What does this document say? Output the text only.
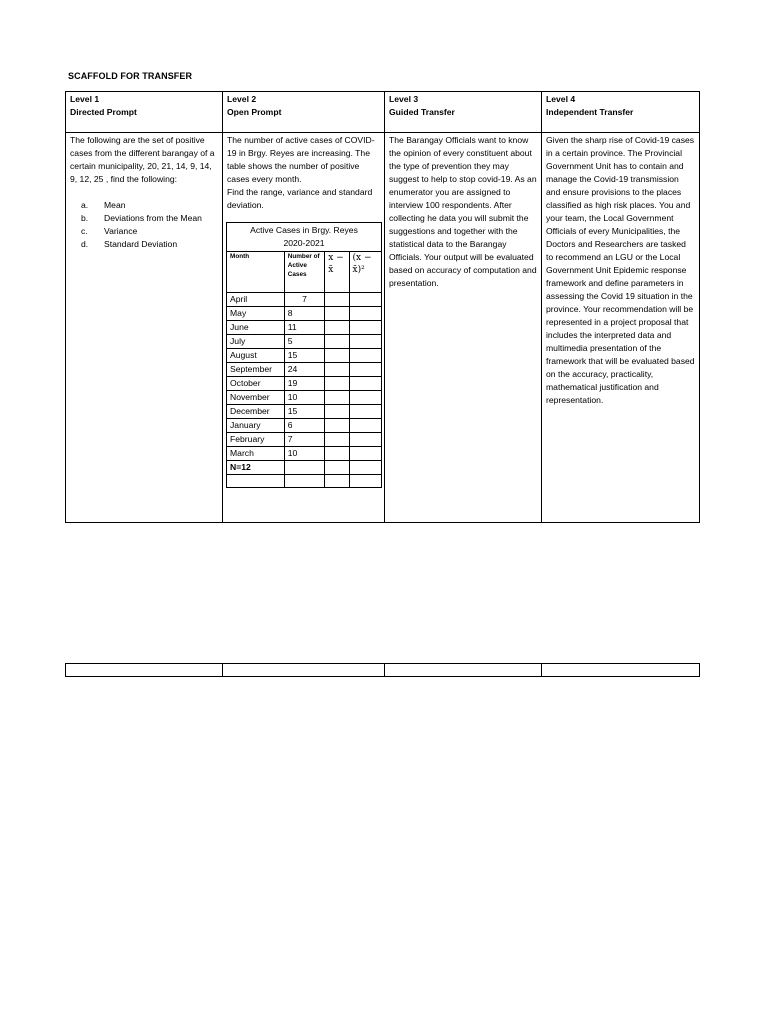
SCAFFOLD FOR TRANSFER
Level 1
Directed Prompt

Level 2
Open Prompt

Level 3
Guided Transfer

Level 4
Independent Transfer

The following are the set of positive cases from the different barangay of a certain municipality, 20, 21, 14, 9, 14, 9, 12, 25 , find the following:
a. Mean
b. Deviations from the Mean
c. Variance
d. Standard Deviation

The number of active cases of COVID-19 in Brgy. Reyes are increasing. The table shows the number of positive cases every month.
Find the range, variance and standard deviation.
Active Cases in Brgy. Reyes
2020-2021

Month	Number of Active Cases	x − x̄	(x − x̄)²
April	7		
May	8		
June	11		
July	5		
August	15		
September	24		
October	19		
November	10		
December	15		
January	6		
February	7		
March	10		
N=12			

The Barangay Officials want to know the opinion of every constituent about the type of prevention they may suggest to help to stop covid-19. As an enumerator you are assigned to interview 100 respondents. After collecting he data you will submit the suggestions and together with the statistical data to the Barangay Officials. Your output will be evaluated based on accuracy of computation and presentation.

Given the sharp rise of Covid-19 cases in a certain province. The Provincial Government Unit has to contain and manage the Covid-19 transmission and ensure provisions to the places classified as high risk places. You and your team, the Local Government Officials of every Municipalities, the Doctors and Researchers are tasked to recommend an LGU or the Local Government Unit Epidemic response framework and define parameters in assessing the Covid 19 situation in the province. Your recommendation will be represented in a project proposal that includes the interpreted data and multimedia presentation of the framework that will be evaluated based on the accuracy, practicality, mathematical justification and representation.
